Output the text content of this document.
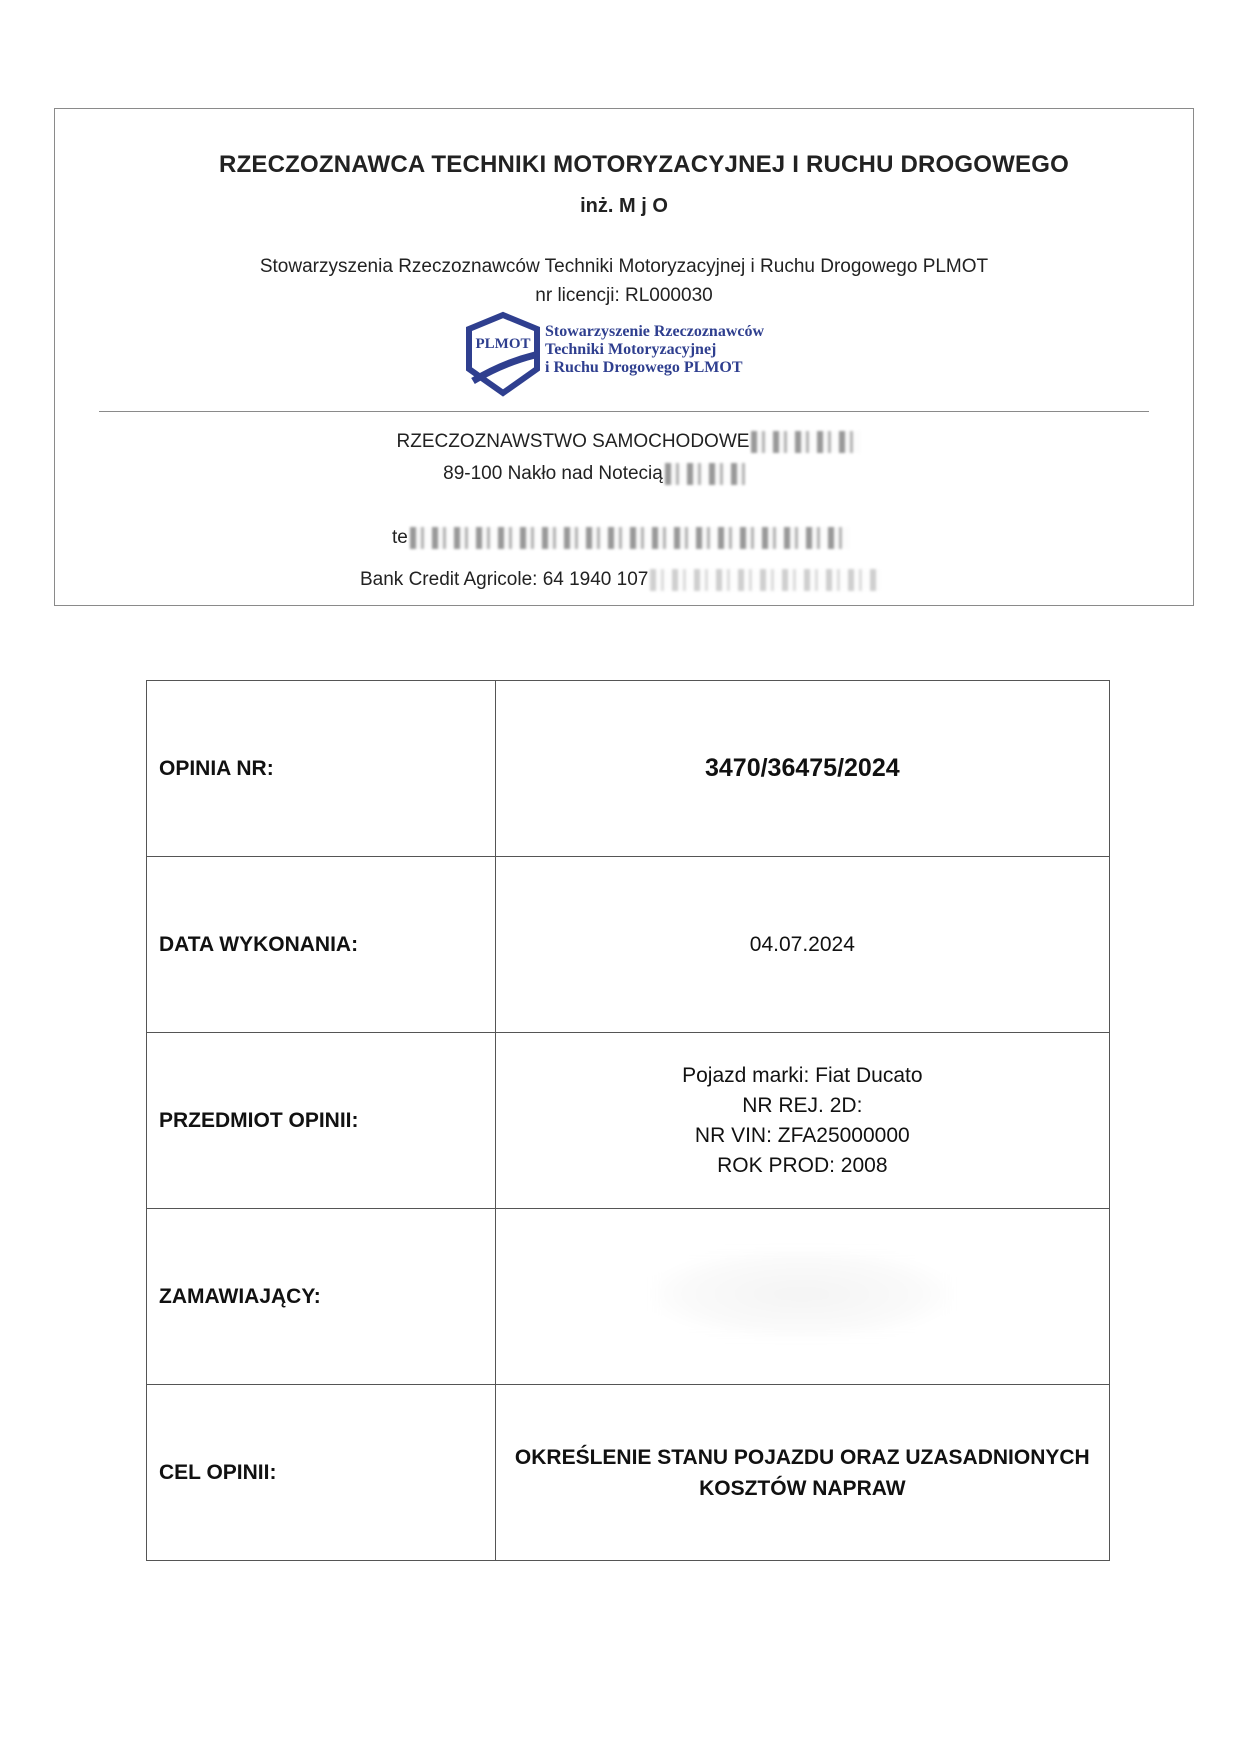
RZECZOZNAWCA TECHNIKI MOTORYZACYJNEJ I RUCHU DROGOWEGO
inż. M j O
Stowarzyszenia Rzeczoznawców Techniki Motoryzacyjnej i Ruchu Drogowego PLMOT
nr licencji: RL000030
PLMOT
Stowarzyszenie Rzeczoznawców
Techniki Motoryzacyjnej
i Ruchu Drogowego PLMOT
RZECZOZNAWSTWO SAMOCHODOWE
89-100 Nakło nad Notecią
te
Bank Credit Agricole: 64 1940 107
OPINIA NR:	3470/36475/2024
DATA WYKONANIA:	04.07.2024
PRZEDMIOT OPINII:	Pojazd marki: Fiat Ducato
NR REJ. 2D:
NR VIN: ZFA25000000
ROK PROD: 2008

ZAMAWIAJĄCY:	
CEL OPINII:	OKREŚLENIE STANU POJAZDU ORAZ UZASADNIONYCH
KOSZTÓW NAPRAW
